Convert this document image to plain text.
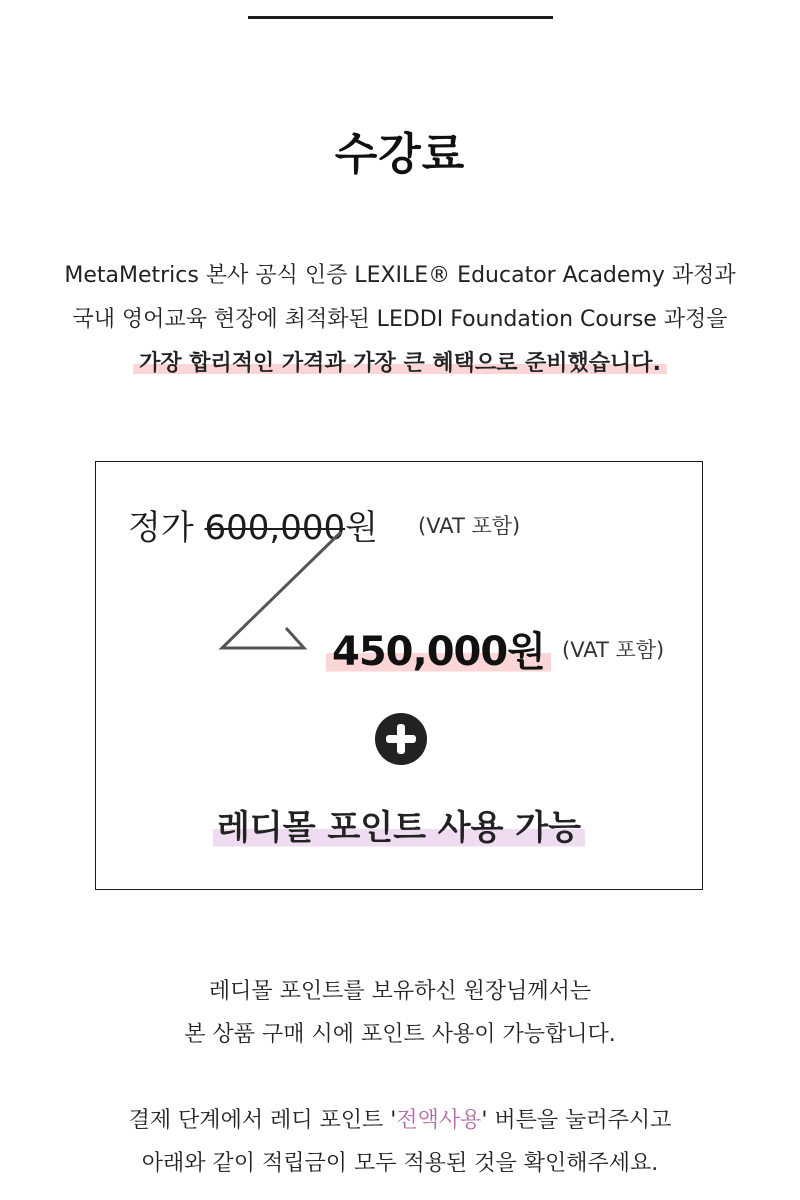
수강료
MetaMetrics 본사 공식 인증 LEXILE® Educator Academy 과정과
국내 영어교육 현장에 최적화된 LEDDI Foundation Course 과정을
가장 합리적인 가격과 가장 큰 혜택으로 준비했습니다.
정가 600,000원 (VAT 포함)
450,000원 (VAT 포함)
레디몰 포인트 사용 가능
레디몰 포인트를 보유하신 원장님께서는
본 상품 구매 시에 포인트 사용이 가능합니다.
결제 단계에서 레디 포인트 '전액사용' 버튼을 눌러주시고
아래와 같이 적립금이 모두 적용된 것을 확인해주세요.
